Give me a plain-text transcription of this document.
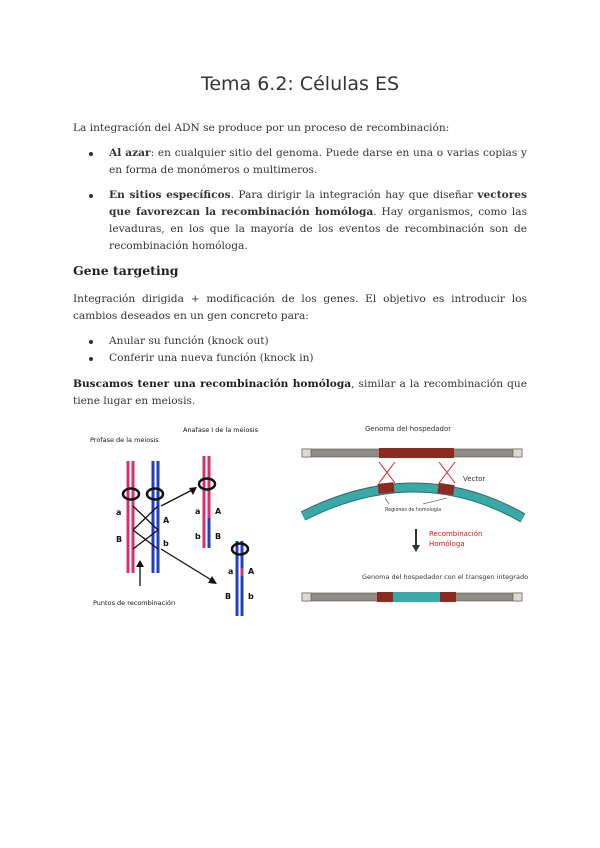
Tema 6.2: Células ES
La integración del ADN se produce por un proceso de recombinación:
Al azar: en cualquier sitio del genoma. Puede darse en una o varias copias y en forma de monómeros o multimeros.
En sitios específicos. Para dirigir la integración hay que diseñar vectores que favorezcan la recombinación homóloga. Hay organismos, como las levaduras, en los que la mayoría de los eventos de recombinación son de recombinación homóloga.
Gene targeting
Integración dirigida + modificación de los genes. El objetivo es introducir los cambios deseados en un gen concreto para:
Anular su función (knock out)
Conferir una nueva función (knock in)
Buscamos tener una recombinación homóloga, similar a la recombinación que tiene lugar en meiosis.
Profase de la meiosis
Anafase I de la meiosis
a
A
B	b
Puntos de recombinación
a A
b B
a A
B b
Genoma del hospedador
Vector
Regiones de homología
Recombinación
Homóloga
Genoma del hospedador con el transgen integrado
